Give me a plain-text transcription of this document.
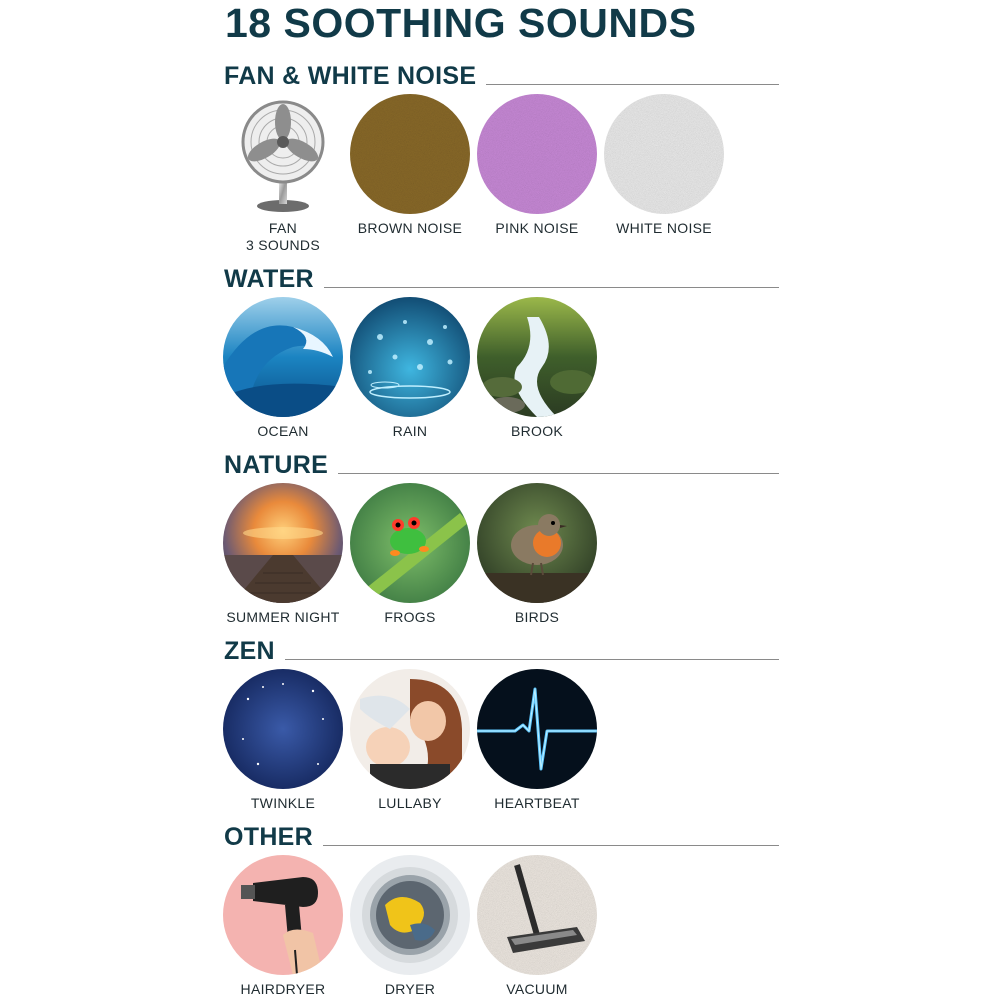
18 SOOTHING SOUNDS
FAN & WHITE NOISE
FAN
3 SOUNDS
BROWN NOISE	PINK NOISE	WHITE NOISE
WATER
OCEAN	RAIN	BROOK
NATURE
SUMMER NIGHT	FROGS	BIRDS
ZEN
TWINKLE	LULLABY	HEARTBEAT
OTHER
HAIRDRYER	DRYER	VACUUM
